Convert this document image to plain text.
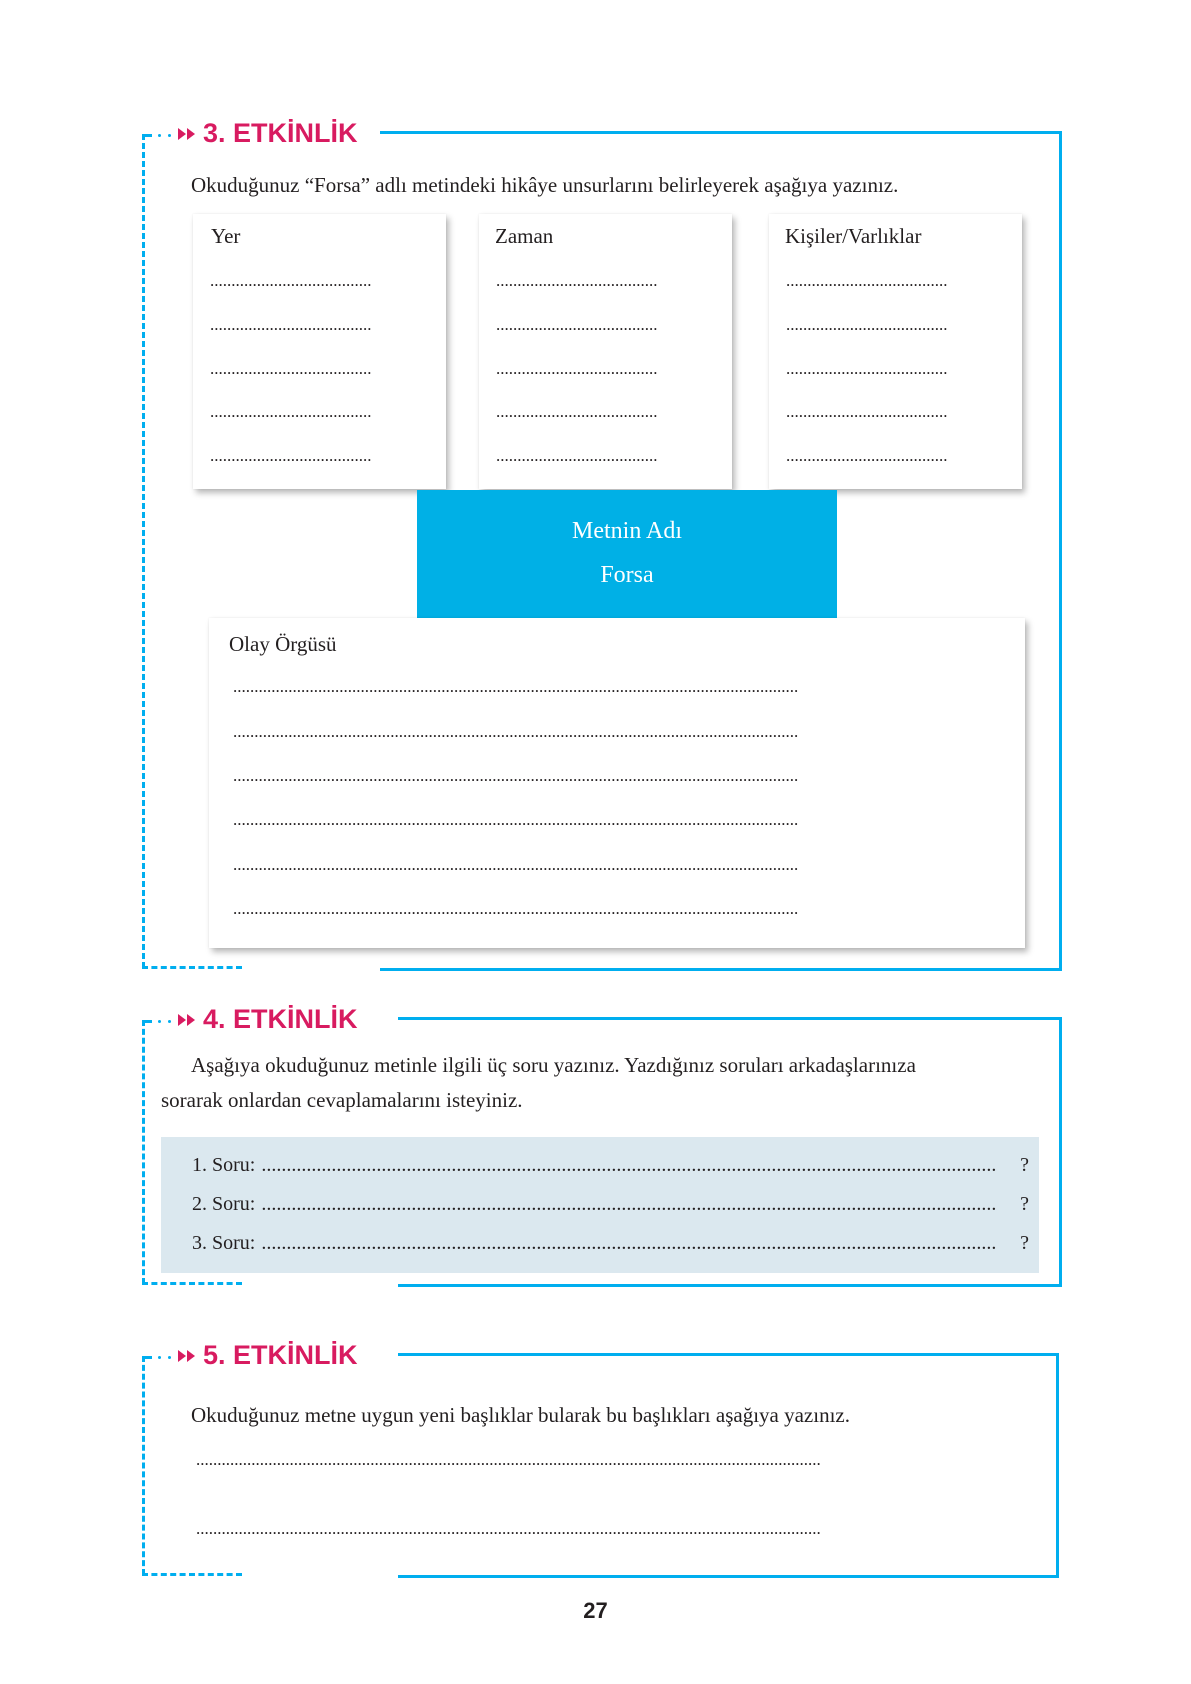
3. ETKİNLİK
Okuduğunuz “Forsa” adlı metindeki hikâye unsurlarını belirleyerek aşağıya yazınız.
Yer
......................................
......................................
......................................
......................................
......................................
Zaman
......................................
......................................
......................................
......................................
......................................
Kişiler/Varlıklar
......................................
......................................
......................................
......................................
......................................
Metnin Adı
Forsa
Olay Örgüsü
.....................................................................................................................................
.....................................................................................................................................
.....................................................................................................................................
.....................................................................................................................................
.....................................................................................................................................
.....................................................................................................................................
4. ETKİNLİK
Aşağıya okuduğunuz metinle ilgili üç soru yazınız. Yazdığınız soruları arkadaşlarınıza
sorarak onlardan cevaplamalarını isteyiniz.
1. Soru: ...................................................................................................................................................	?
2. Soru: ...................................................................................................................................................	?
3. Soru: ...................................................................................................................................................	?
5. ETKİNLİK
Okuduğunuz metne uygun yeni başlıklar bularak bu başlıkları aşağıya yazınız.
...................................................................................................................................................
...................................................................................................................................................
27
